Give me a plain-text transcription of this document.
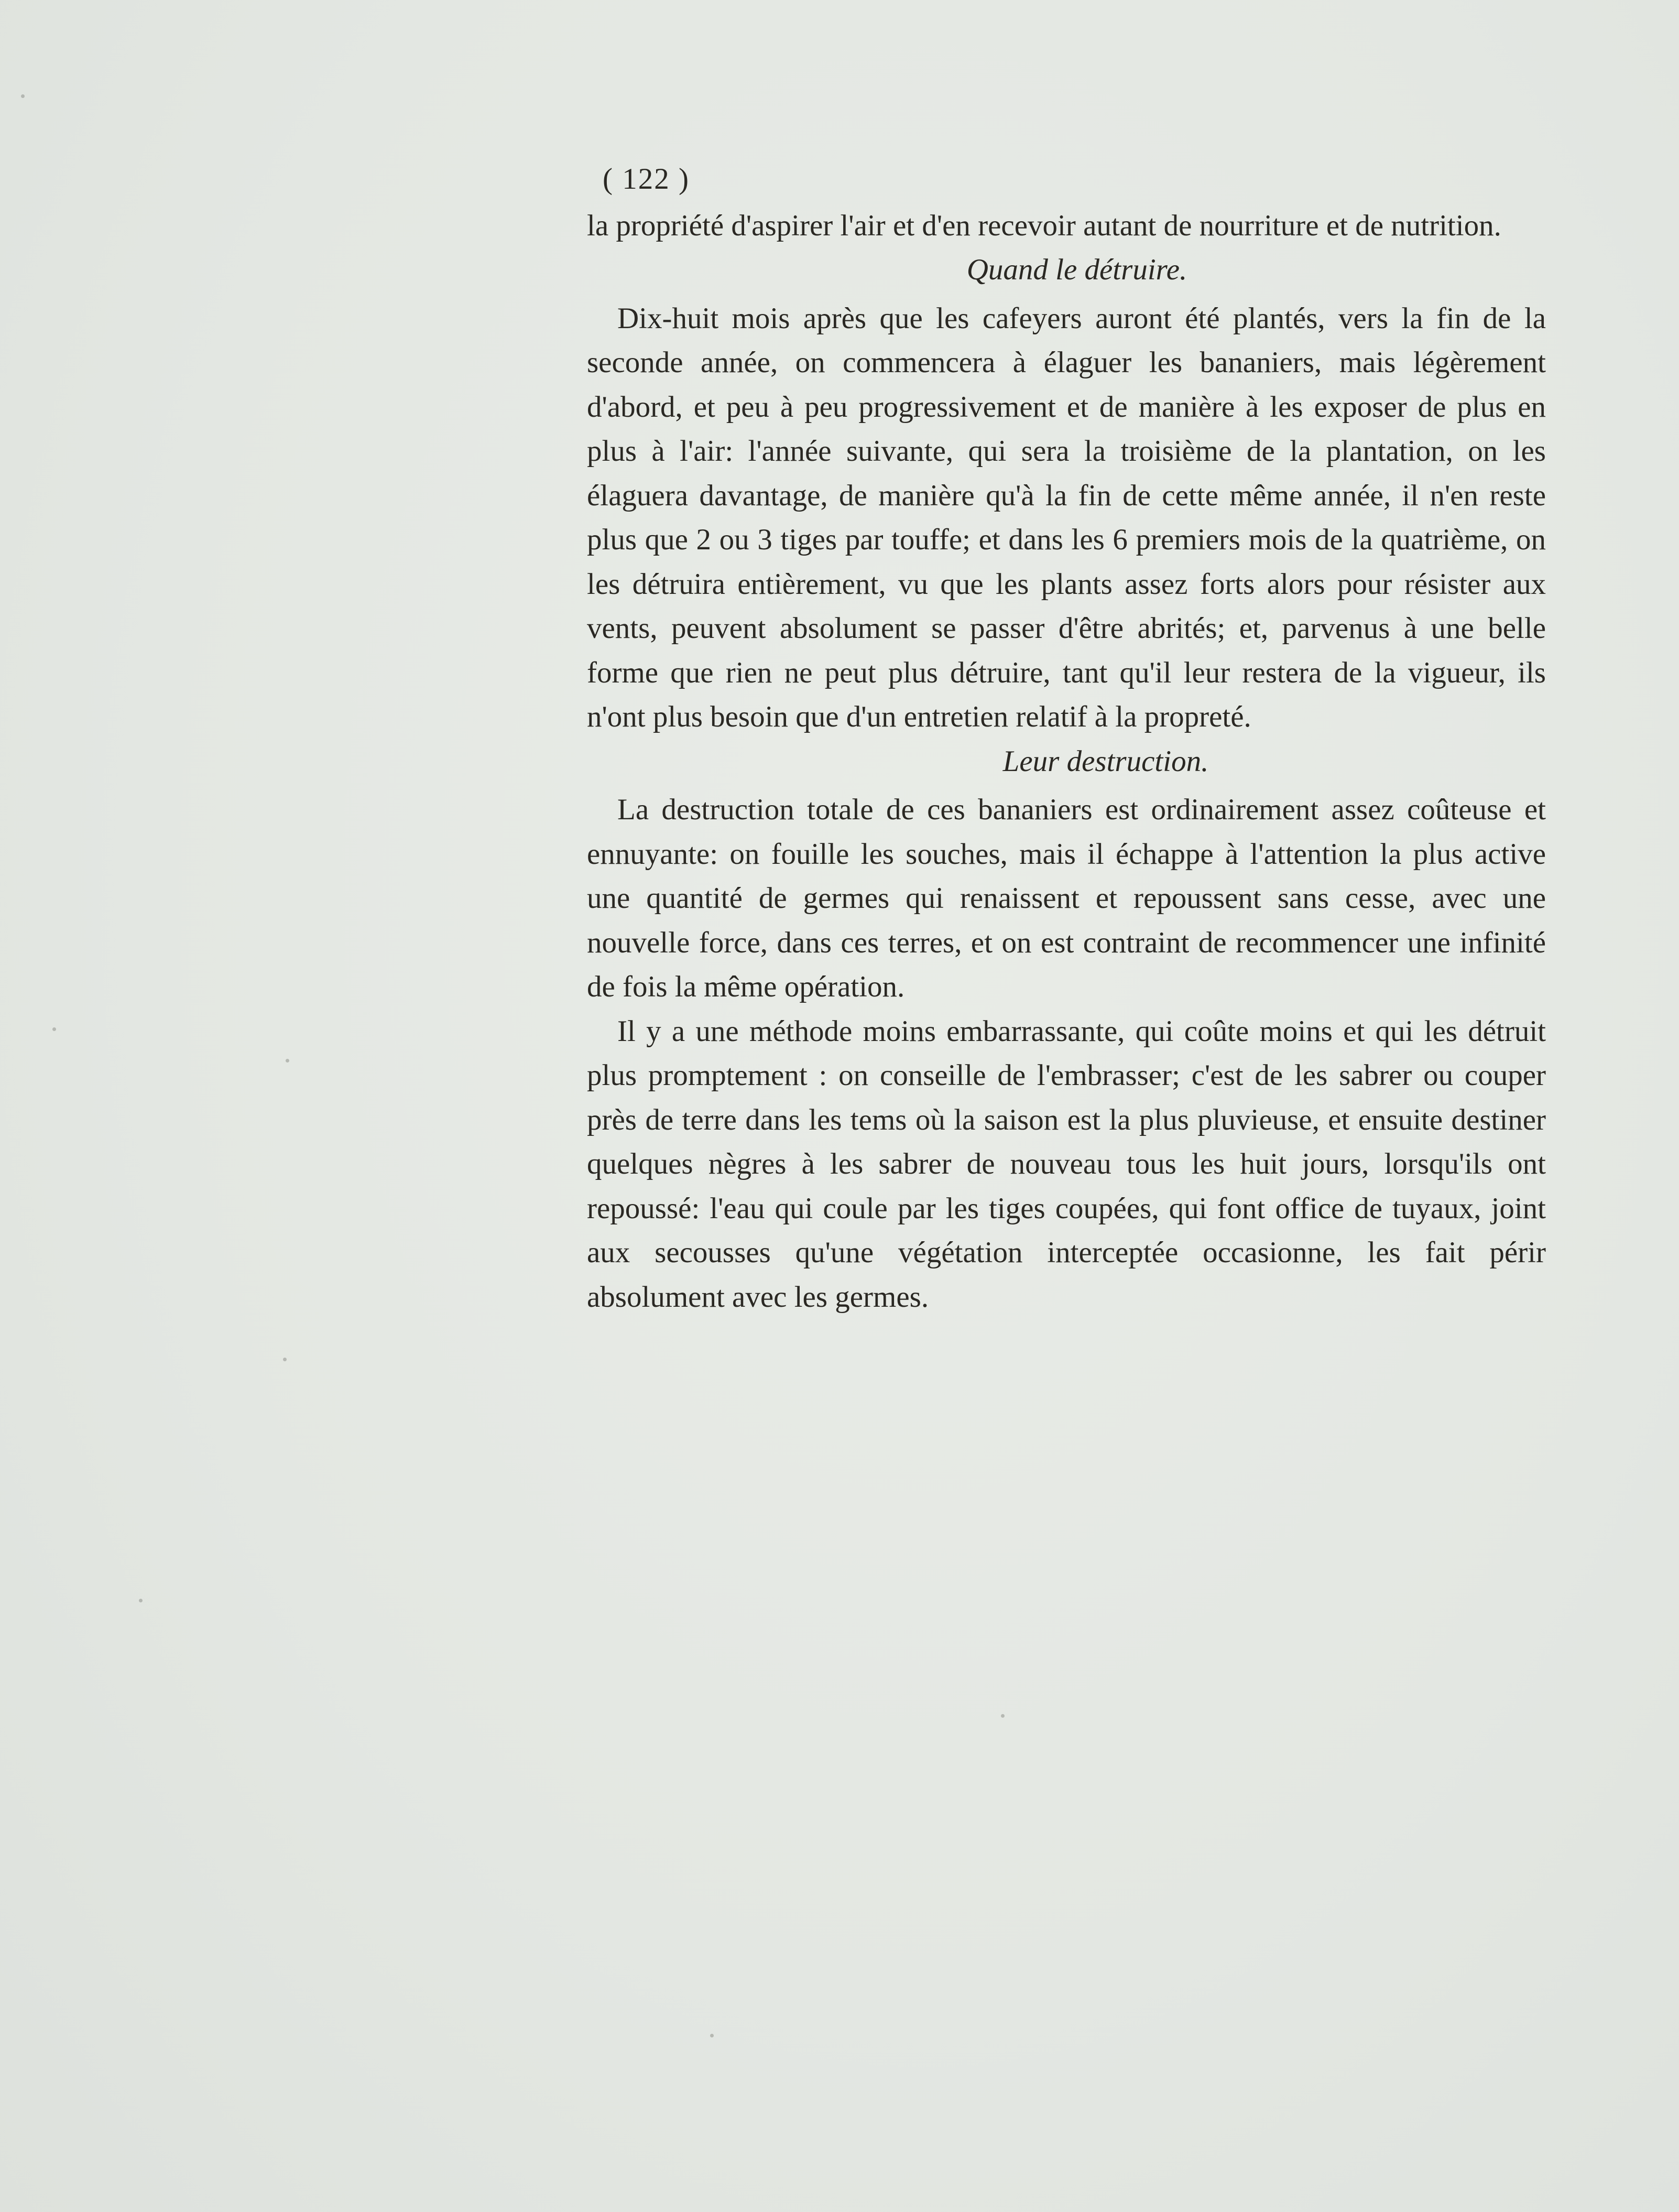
( 122 )

la propriété d'aspirer l'air et d'en recevoir autant de nourriture et de nutrition.

Quand le détruire.

Dix-huit mois après que les cafeyers auront été plantés, vers la fin de la seconde année, on commencera à élaguer les bananiers, mais légèrement d'abord, et peu à peu progressivement et de manière à les exposer de plus en plus à l'air: l'année suivante, qui sera la troisième de la plantation, on les élaguera davantage, de manière qu'à la fin de cette même année, il n'en reste plus que 2 ou 3 tiges par touffe; et dans les 6 premiers mois de la quatrième, on les détruira entièrement, vu que les plants assez forts alors pour résister aux vents, peuvent absolument se passer d'être abrités; et, parvenus à une belle forme que rien ne peut plus détruire, tant qu'il leur restera de la vigueur, ils n'ont plus besoin que d'un entretien relatif à la propreté.

Leur destruction.

La destruction totale de ces bananiers est ordinairement assez coûteuse et ennuyante: on fouille les souches, mais il échappe à l'attention la plus active une quantité de germes qui renaissent et repoussent sans cesse, avec une nouvelle force, dans ces terres, et on est contraint de recommencer une infinité de fois la même opération.

Il y a une méthode moins embarrassante, qui coûte moins et qui les détruit plus promptement : on conseille de l'embrasser; c'est de les sabrer ou couper près de terre dans les tems où la saison est la plus pluvieuse, et ensuite destiner quelques nègres à les sabrer de nouveau tous les huit jours, lorsqu'ils ont repoussé: l'eau qui coule par les tiges coupées, qui font office de tuyaux, joint aux secousses qu'une végétation interceptée occasionne, les fait périr absolument avec les germes.
